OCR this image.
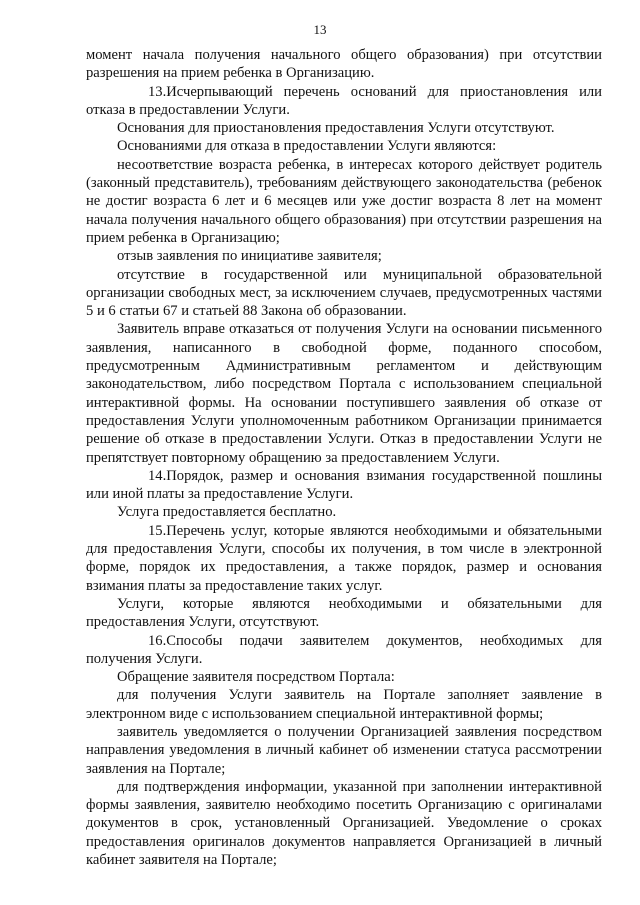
13

момент начала получения начального общего образования) при отсутствии разрешения на прием ребенка в Организацию.

13.Исчерпывающий перечень оснований для приостановления или отказа в предоставлении Услуги.

Основания для приостановления предоставления Услуги отсутствуют.

Основаниями для отказа в предоставлении Услуги являются:

несоответствие возраста ребенка, в интересах которого действует родитель (законный представитель), требованиям действующего законодательства (ребенок не достиг возраста 6 лет и 6 месяцев или уже достиг возраста 8 лет на момент начала получения начального общего образования) при отсутствии разрешения на прием ребенка в Организацию;

отзыв заявления по инициативе заявителя;

отсутствие в государственной или муниципальной образовательной организации свободных мест, за исключением случаев, предусмотренных частями 5 и 6 статьи 67 и статьей 88 Закона об образовании.

Заявитель вправе отказаться от получения Услуги на основании письменного заявления, написанного в свободной форме, поданного способом, предусмотренным Административным регламентом и действующим законодательством, либо посредством Портала с использованием специальной интерактивной формы. На основании поступившего заявления об отказе от предоставления Услуги уполномоченным работником Организации принимается решение об отказе в предоставлении Услуги. Отказ в предоставлении Услуги не препятствует повторному обращению за предоставлением Услуги.

14.Порядок, размер и основания взимания государственной пошлины или иной платы за предоставление Услуги.

Услуга предоставляется бесплатно.

15.Перечень услуг, которые являются необходимыми и обязательными для предоставления Услуги, способы их получения, в том числе в электронной форме, порядок их предоставления, а также порядок, размер и основания взимания платы за предоставление таких услуг.

Услуги, которые являются необходимыми и обязательными для предоставления Услуги, отсутствуют.

16.Способы подачи заявителем документов, необходимых для получения Услуги.

Обращение заявителя посредством Портала:

для получения Услуги заявитель на Портале заполняет заявление в электронном виде с использованием специальной интерактивной формы;

заявитель уведомляется о получении Организацией заявления посредством направления уведомления в личный кабинет об изменении статуса рассмотрении заявления на Портале;

для подтверждения информации, указанной при заполнении интерактивной формы заявления, заявителю необходимо посетить Организацию с оригиналами документов в срок, установленный Организацией. Уведомление о сроках предоставления оригиналов документов направляется Организацией в личный кабинет заявителя на Портале;
